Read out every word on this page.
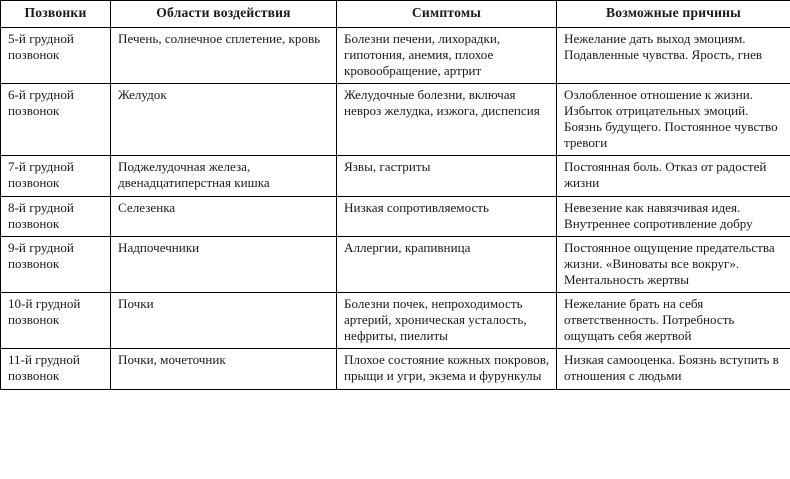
Позвонки	Области воздействия	Симптомы	Возможные причины
5-й грудной позвонок	Печень, солнечное сплетение, кровь	Болезни печени, лихорадки, гипотония, анемия, плохое кровообращение, артрит	Нежелание дать выход эмоциям. Подавленные чувства. Ярость, гнев
6-й грудной позвонок	Желудок	Желудочные болезни, включая невроз желудка, изжога, диспепсия	Озлобленное отношение к жизни. Избыток отрицательных эмоций. Боязнь будущего. Постоянное чувство тревоги
7-й грудной позвонок	Поджелудочная железа, двенадцатиперстная кишка	Язвы, гастриты	Постоянная боль. Отказ от радостей жизни
8-й грудной позвонок	Селезенка	Низкая сопротивляемость	Невезение как навязчивая идея. Внутреннее сопротивление добру
9-й грудной позвонок	Надпочечники	Аллергии, крапивница	Постоянное ощущение предательства жизни. «Виноваты все вокруг». Ментальность жертвы
10-й грудной позвонок	Почки	Болезни почек, непроходимость артерий, хроническая усталость, нефриты, пиелиты	Нежелание брать на себя ответственность. Потребность ощущать себя жертвой
11-й грудной позвонок	Почки, мочеточник	Плохое состояние кожных покровов, прыщи и угри, экзема и фурункулы	Низкая самооценка. Боязнь вступить в отношения с людьми
